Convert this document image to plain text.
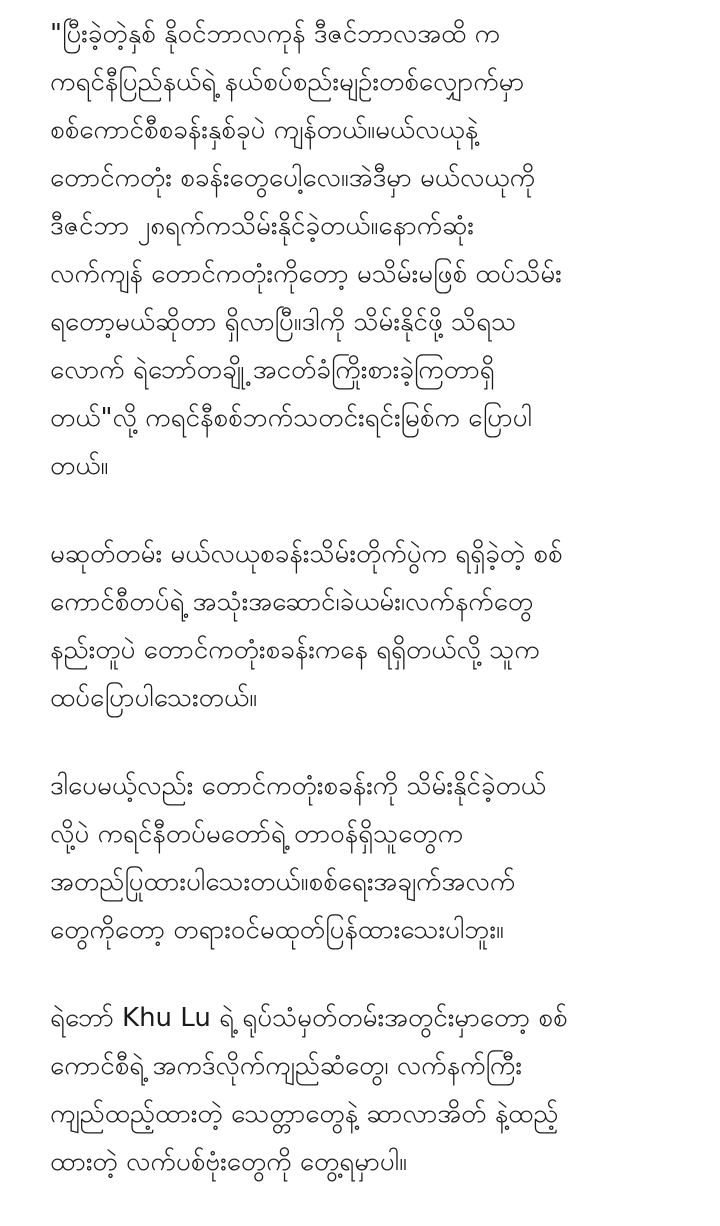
"ပြီးခဲ့တဲ့နှစ် နိုဝင်ဘာလကုန် ဒီဇင်ဘာလအထိ က
ကရင်နီပြည်နယ်ရဲ့ နယ်စပ်စည်းမျဉ်းတစ်လျှောက်မှာ
စစ်ကောင်စီစခန်းနှစ်ခုပဲ ကျန်တယ်။မယ်လယုနဲ့
တောင်ကတုံး စခန်းတွေပေါ့လေ။အဲဒီမှာ မယ်လယုကို
ဒီဇင်ဘာ ၂၈ရက်ကသိမ်းနိုင်ခဲ့တယ်။နောက်ဆုံး
လက်ကျန် တောင်ကတုံးကိုတော့ မသိမ်းမဖြစ် ထပ်သိမ်း
ရတော့မယ်ဆိုတာ ရှိလာပြီ။ဒါကို သိမ်းနိုင်ဖို့ သိရသ
လောက် ရဲဘော်တချို့ အငတ်ခံကြိုးစားခဲ့ကြတာရှိ
တယ်"လို့ ကရင်နီစစ်ဘက်သတင်းရင်းမြစ်က ပြောပါ
တယ်။

မဆုတ်တမ်း မယ်လယုစခန်းသိမ်းတိုက်ပွဲက ရရှိခဲ့တဲ့ စစ်
ကောင်စီတပ်ရဲ့ အသုံးအဆောင်၊ခဲယမ်း၊လက်နက်တွေ
နည်းတူပဲ တောင်ကတုံးစခန်းကနေ ရရှိတယ်လို့ သူက
ထပ်ပြောပါသေးတယ်။

ဒါပေမယ့်လည်း တောင်ကတုံးစခန်းကို သိမ်းနိုင်ခဲ့တယ်
လို့ပဲ ကရင်နီတပ်မတော်ရဲ့ တာဝန်ရှိသူတွေက
အတည်ပြုထားပါသေးတယ်။စစ်ရေးအချက်အလက်
တွေကိုတော့ တရားဝင်မထုတ်ပြန်ထားသေးပါဘူး။

ရဲဘော် Khu Lu ရဲ့ ရုပ်သံမှတ်တမ်းအတွင်းမှာတော့ စစ်
ကောင်စီရဲ့ အကဒ်လိုက်ကျည်ဆံတွေ၊ လက်နက်ကြီး
ကျည်ထည့်ထားတဲ့ သေတ္တာတွေနဲ့ ဆာလာအိတ် နဲ့ထည့်
ထားတဲ့ လက်ပစ်ဗုံးတွေကို တွေ့ရမှာပါ။
